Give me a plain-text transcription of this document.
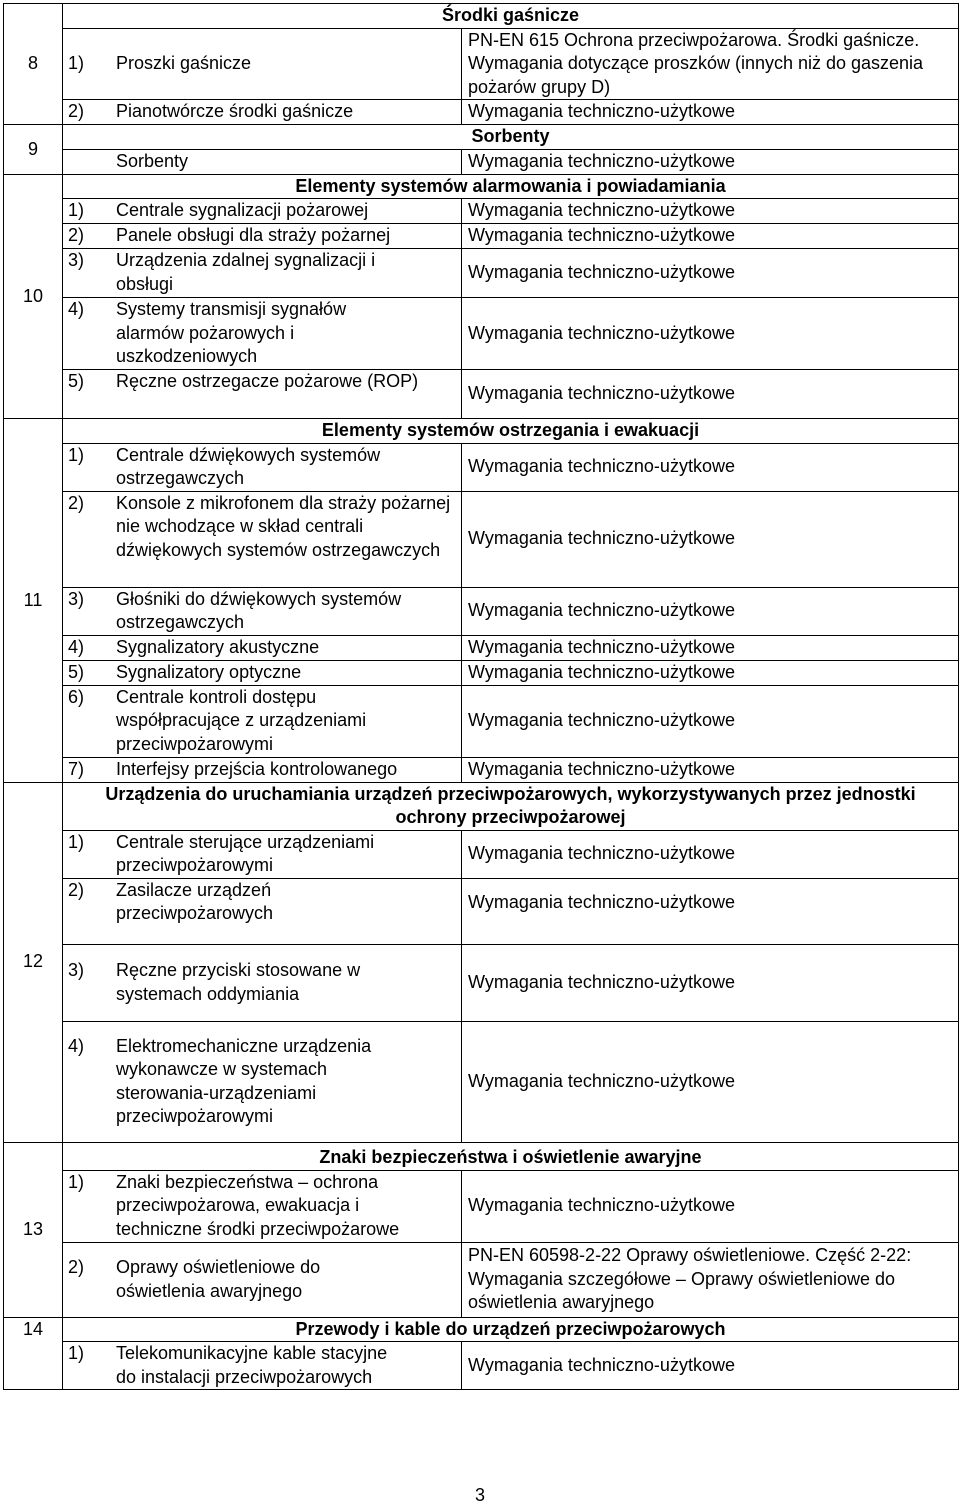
8	Środki gaśnicze	

	1) Proszki gaśnicze	PN-EN 615 Ochrona przeciwpożarowa. Środki gaśnicze. Wymagania dotyczące proszków (innych niż do gaszenia pożarów grupy D)

	2) Pianotwórcze środki gaśnicze	Wymagania techniczno-użytkowe
9	Sorbenty	

	Sorbenty	Wymagania techniczno-użytkowe
10	Elementy systemów alarmowania i powiadamiania	

	1) Centrale sygnalizacji pożarowej	Wymagania techniczno-użytkowe

	2) Panele obsługi dla straży pożarnej	Wymagania techniczno-użytkowe

	3) Urządzenia zdalnej sygnalizacji i obsługi	Wymagania techniczno-użytkowe

	4) Systemy transmisji sygnałów alarmów pożarowych i uszkodzeniowych	Wymagania techniczno-użytkowe

	5) Ręczne ostrzegacze pożarowe (ROP)	Wymagania techniczno-użytkowe
11	Elementy systemów ostrzegania i ewakuacji	

	1) Centrale dźwiękowych systemów ostrzegawczych	Wymagania techniczno-użytkowe

	2) Konsole z mikrofonem dla straży pożarnej nie wchodzące w skład centrali dźwiękowych systemów ostrzegawczych	Wymagania techniczno-użytkowe

	3) Głośniki do dźwiękowych systemów ostrzegawczych	Wymagania techniczno-użytkowe

	4) Sygnalizatory akustyczne	Wymagania techniczno-użytkowe

	5) Sygnalizatory optyczne	Wymagania techniczno-użytkowe

	6) Centrale kontroli dostępu współpracujące z urządzeniami przeciwpożarowymi	Wymagania techniczno-użytkowe

	7) Interfejsy przejścia kontrolowanego	Wymagania techniczno-użytkowe
12	Urządzenia do uruchamiania urządzeń przeciwpożarowych, wykorzystywanych przez jednostki ochrony przeciwpożarowej	

	1) Centrale sterujące urządzeniami przeciwpożarowymi	Wymagania techniczno-użytkowe

	2) Zasilacze urządzeń przeciwpożarowych	Wymagania techniczno-użytkowe

	3) Ręczne przyciski stosowane w systemach oddymiania	Wymagania techniczno-użytkowe

	4) Elektromechaniczne urządzenia wykonawcze w systemach sterowania-urządzeniami przeciwpożarowymi	Wymagania techniczno-użytkowe
13	Znaki bezpieczeństwa i oświetlenie awaryjne	

	1) Znaki bezpieczeństwa – ochrona przeciwpożarowa, ewakuacja i techniczne środki przeciwpożarowe	Wymagania techniczno-użytkowe

	2) Oprawy oświetleniowe do oświetlenia awaryjnego	PN-EN 60598-2-22 Oprawy oświetleniowe. Część 2-22: Wymagania szczegółowe – Oprawy oświetleniowe do oświetlenia awaryjnego
14	Przewody i kable do urządzeń przeciwpożarowych	

	1) Telekomunikacyjne kable stacyjne do instalacji przeciwpożarowych	Wymagania techniczno-użytkowe
3
